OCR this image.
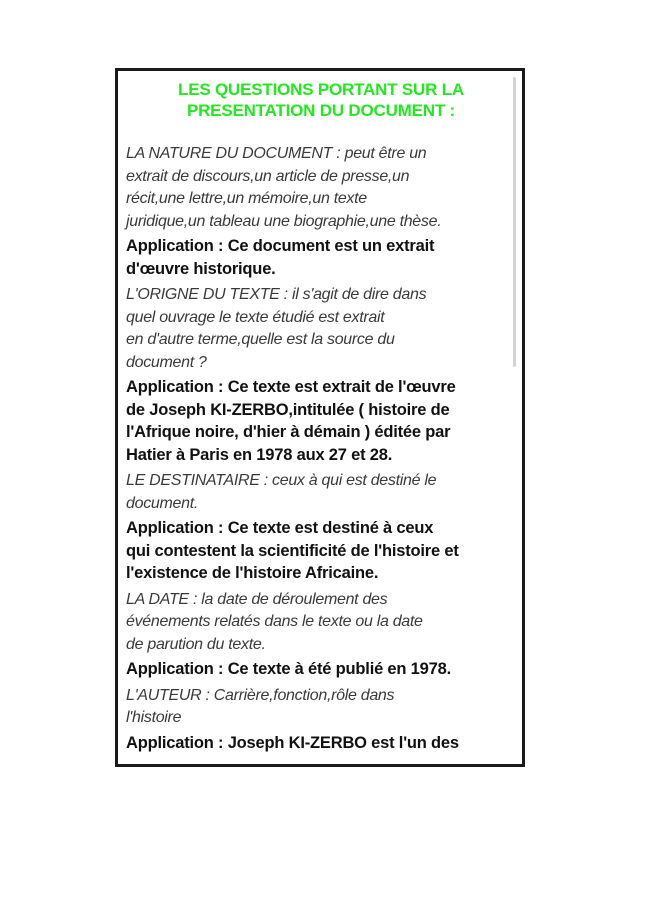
LES QUESTIONS PORTANT SUR LA
PRESENTATION DU DOCUMENT :

LA NATURE DU DOCUMENT : peut être un
extrait de discours,un article de presse,un
récit,une lettre,un mémoire,un texte
juridique,un tableau une biographie,une thèse.

Application : Ce document est un extrait
d'œuvre historique.

L'ORIGNE DU TEXTE : il s'agit de dire dans
quel ouvrage le texte étudié est extrait
en d'autre terme,quelle est la source du
document ?

Application : Ce texte est extrait de l'œuvre
de Joseph KI-ZERBO,intitulée ( histoire de
l'Afrique noire, d'hier à démain ) éditée par
Hatier à Paris en 1978 aux 27 et 28.

LE DESTINATAIRE : ceux à qui est destiné le
document.

Application : Ce texte est destiné à ceux
qui contestent la scientificité de l'histoire et
l'existence de l'histoire Africaine.

LA DATE : la date de déroulement des
événements relatés dans le texte ou la date
de parution du texte.

Application : Ce texte à été publié en 1978.

L'AUTEUR : Carrière,fonction,rôle dans
l'histoire

Application : Joseph KI-ZERBO est l'un des
